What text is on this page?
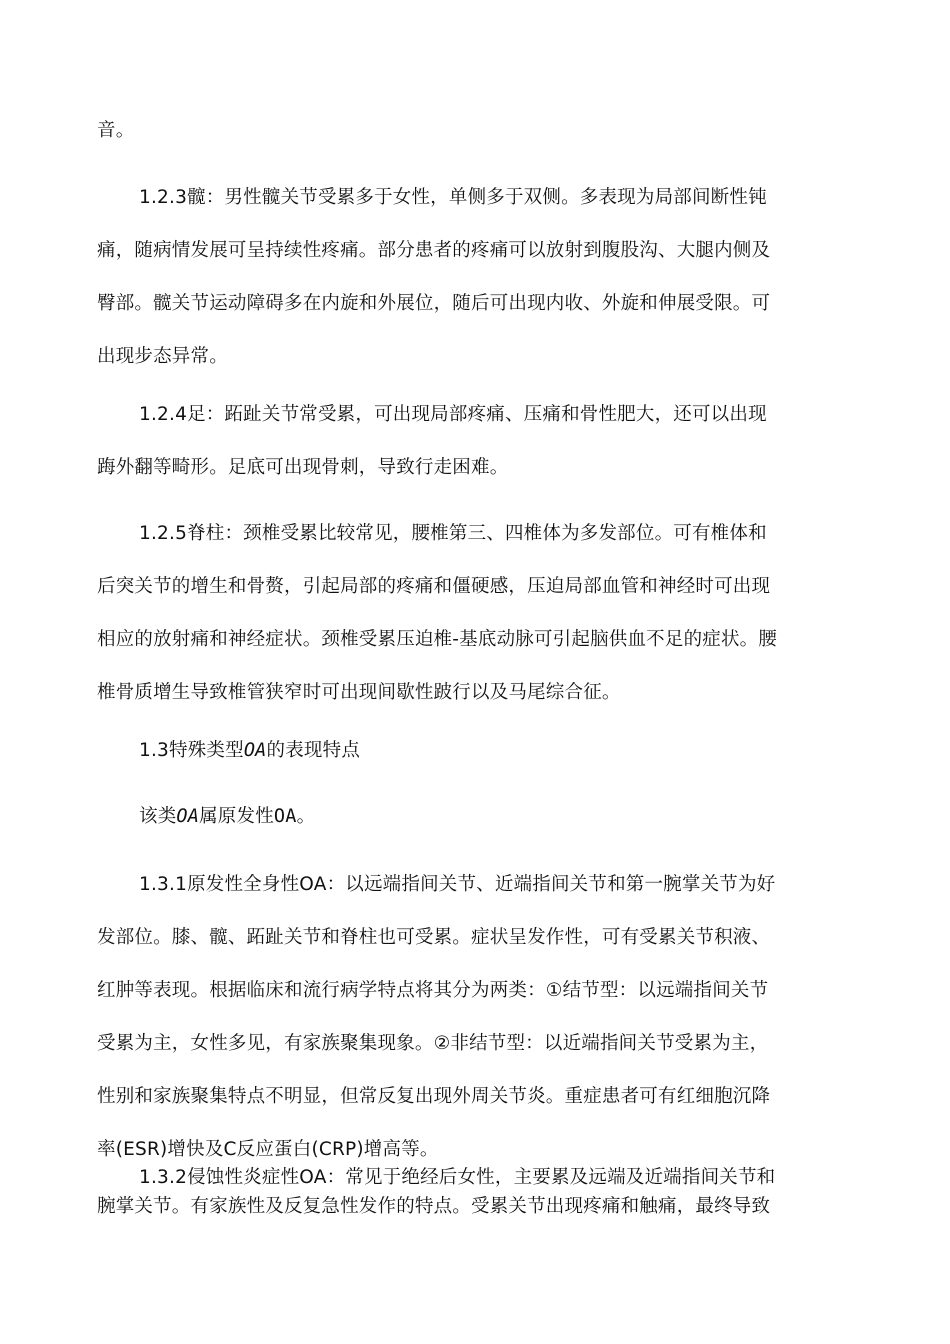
音。
1.2.3髋：男性髋关节受累多于女性，单侧多于双侧。多表现为局部间断性钝
痛，随病情发展可呈持续性疼痛。部分患者的疼痛可以放射到腹股沟、大腿内侧及
臀部。髋关节运动障碍多在内旋和外展位，随后可出现内收、外旋和伸展受限。可
出现步态异常。
1.2.4足：跖趾关节常受累，可出现局部疼痛、压痛和骨性肥大，还可以出现
踇外翻等畸形。足底可出现骨刺，导致行走困难。
1.2.5脊柱：颈椎受累比较常见，腰椎第三、四椎体为多发部位。可有椎体和
后突关节的增生和骨赘，引起局部的疼痛和僵硬感，压迫局部血管和神经时可出现
相应的放射痛和神经症状。颈椎受累压迫椎-基底动脉可引起脑供血不足的症状。腰
椎骨质增生导致椎管狭窄时可出现间歇性跛行以及马尾综合征。
1.3特殊类型OA的表现特点
该类OA属原发性OA。
1.3.1原发性全身性OA：以远端指间关节、近端指间关节和第一腕掌关节为好
发部位。膝、髋、跖趾关节和脊柱也可受累。症状呈发作性，可有受累关节积液、
红肿等表现。根据临床和流行病学特点将其分为两类：①结节型：以远端指间关节
受累为主，女性多见，有家族聚集现象。②非结节型：以近端指间关节受累为主，
性别和家族聚集特点不明显，但常反复出现外周关节炎。重症患者可有红细胞沉降
率(ESR)增快及C反应蛋白(CRP)增高等。
1.3.2侵蚀性炎症性OA：常见于绝经后女性，主要累及远端及近端指间关节和
腕掌关节。有家族性及反复急性发作的特点。受累关节出现疼痛和触痛，最终导致
